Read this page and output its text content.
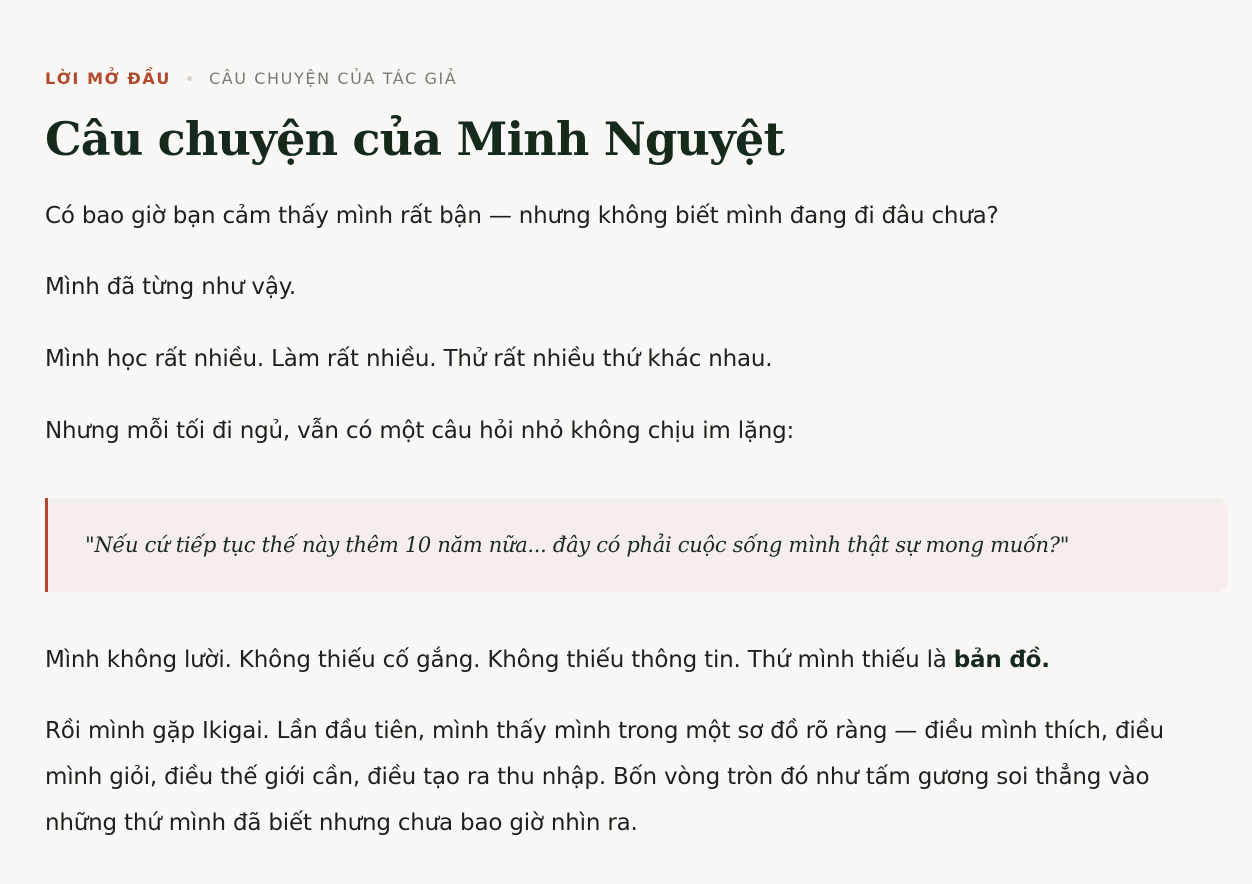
LỜI MỞ ĐẦU CÂU CHUYỆN CỦA TÁC GIẢ
Câu chuyện của Minh Nguyệt

Có bao giờ bạn cảm thấy mình rất bận — nhưng không biết mình đang đi đâu chưa?

Mình đã từng như vậy.

Mình học rất nhiều. Làm rất nhiều. Thử rất nhiều thứ khác nhau.

Nhưng mỗi tối đi ngủ, vẫn có một câu hỏi nhỏ không chịu im lặng:

"Nếu cứ tiếp tục thế này thêm 10 năm nữa... đây có phải cuộc sống mình thật sự mong muốn?"

Mình không lười. Không thiếu cố gắng. Không thiếu thông tin. Thứ mình thiếu là bản đồ.

Rồi mình gặp Ikigai. Lần đầu tiên, mình thấy mình trong một sơ đồ rõ ràng — điều mình thích, điều mình giỏi, điều thế giới cần, điều tạo ra thu nhập. Bốn vòng tròn đó như tấm gương soi thẳng vào những thứ mình đã biết nhưng chưa bao giờ nhìn ra.
